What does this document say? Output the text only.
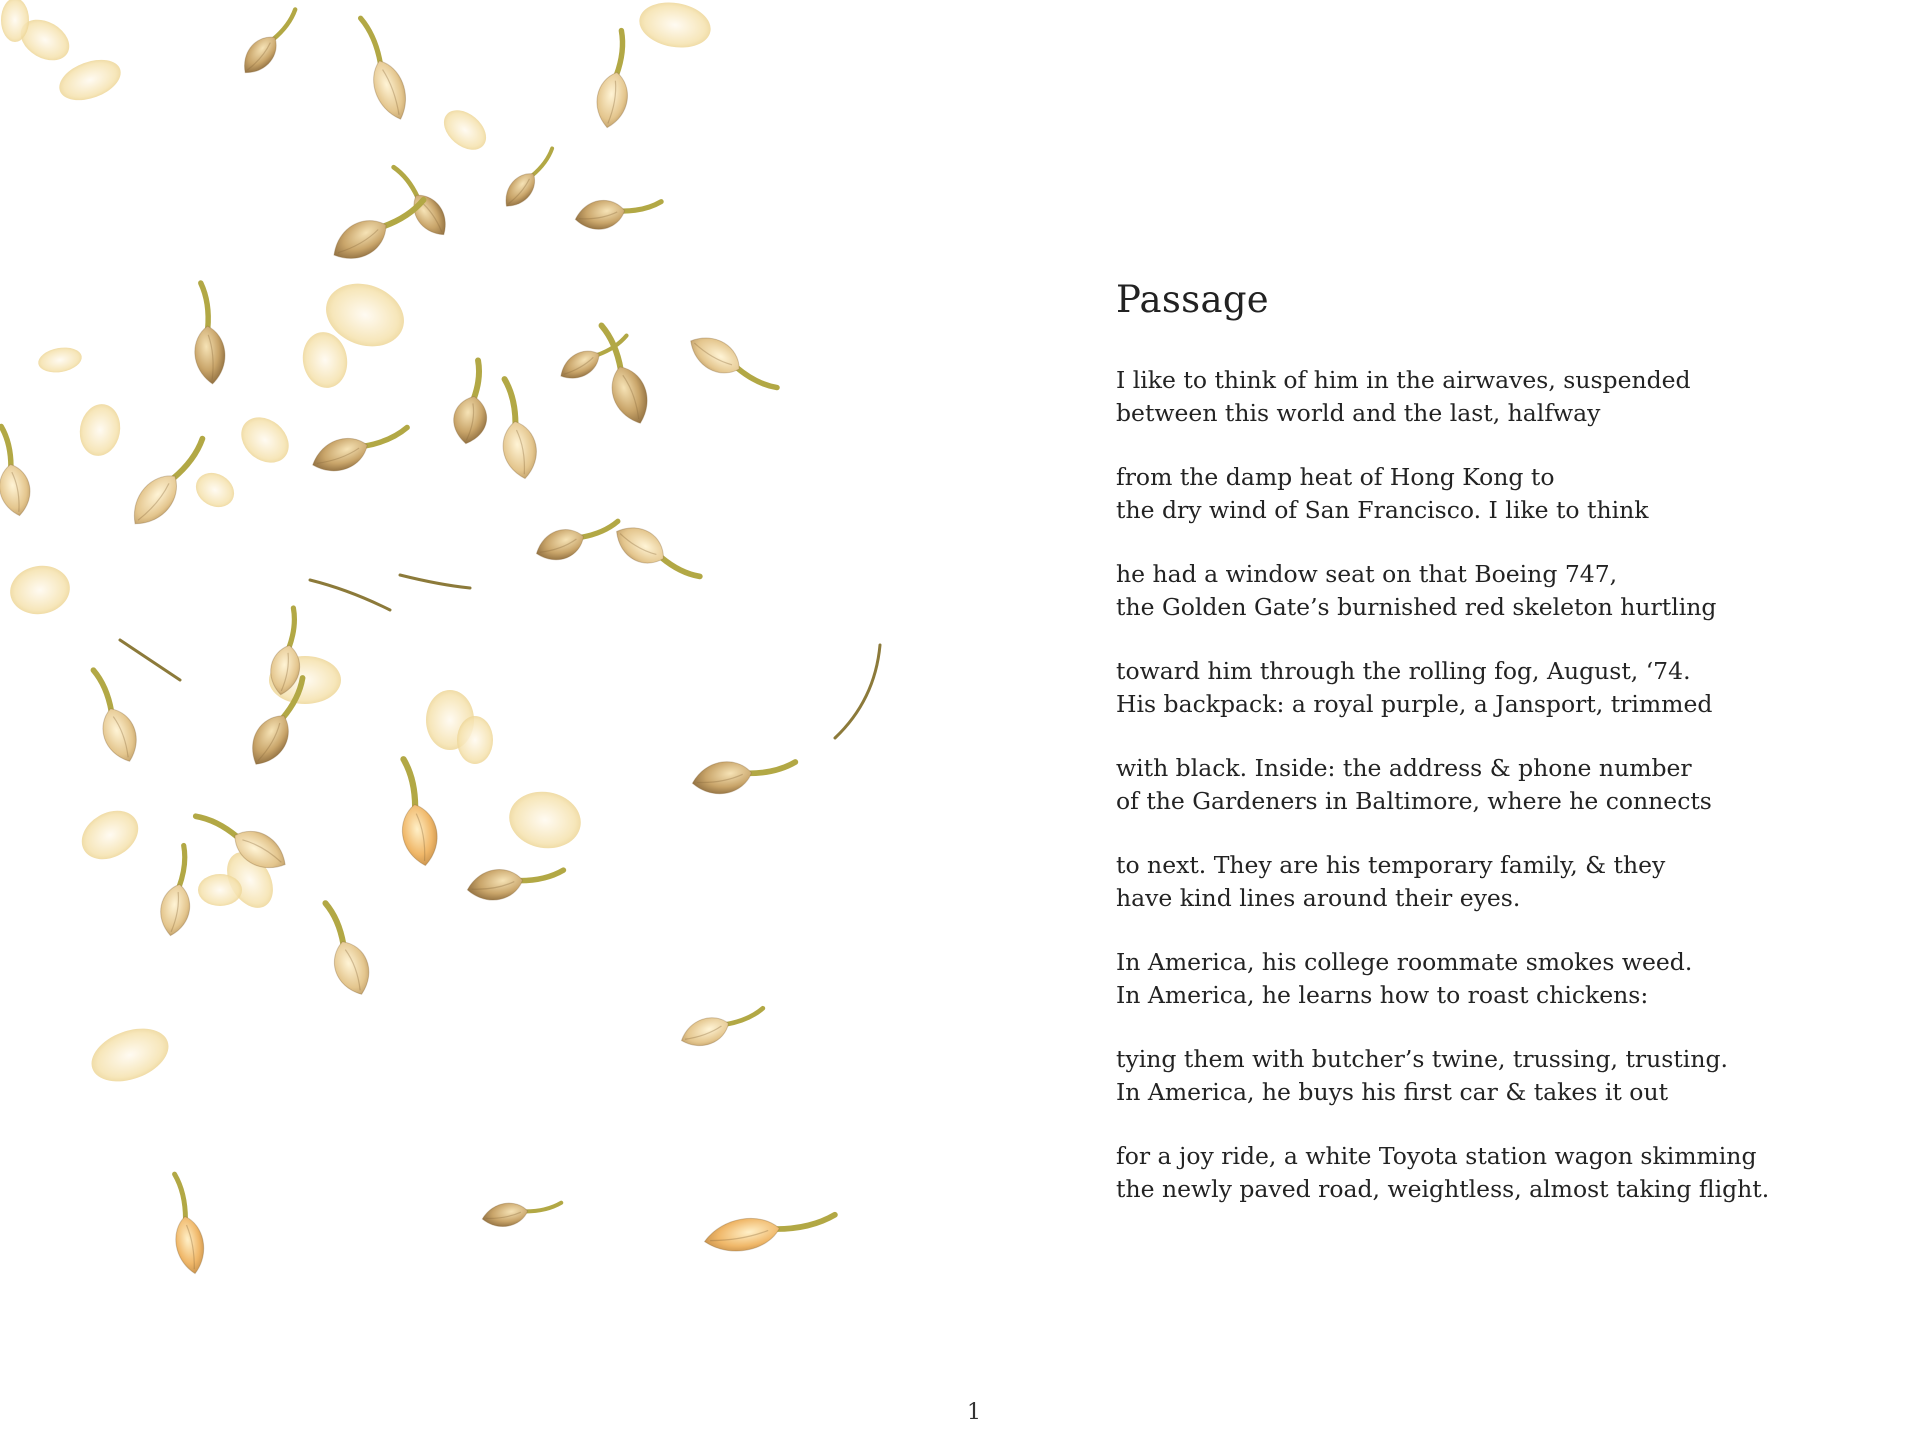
Passage
I like to think of him in the airwaves, suspended
between this world and the last, halfway
from the damp heat of Hong Kong to
the dry wind of San Francisco. I like to think
he had a window seat on that Boeing 747,
the Golden Gate’s burnished red skeleton hurtling
toward him through the rolling fog, August, ‘74.
His backpack: a royal purple, a Jansport, trimmed
with black. Inside: the address & phone number
of the Gardeners in Baltimore, where he connects
to next. They are his temporary family, & they
have kind lines around their eyes.
In America, his college roommate smokes weed.
In America, he learns how to roast chickens:
tying them with butcher’s twine, trussing, trusting.
In America, he buys his first car & takes it out
for a joy ride, a white Toyota station wagon skimming
the newly paved road, weightless, almost taking flight.
1
